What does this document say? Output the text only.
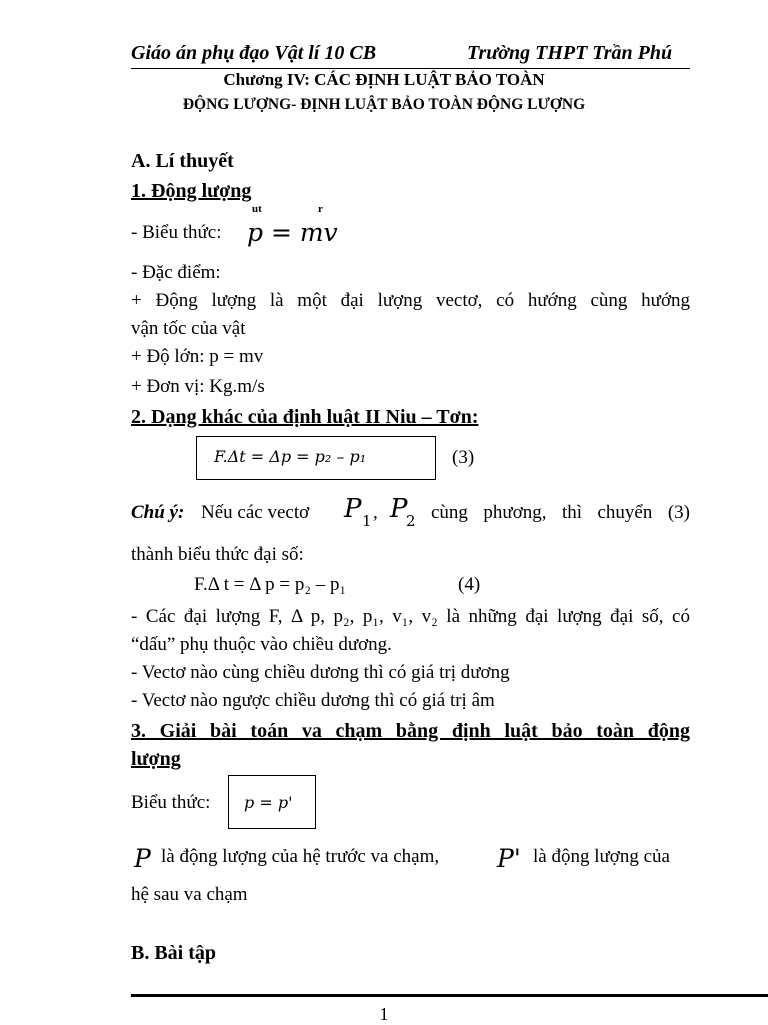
Giáo án phụ đạo Vật lí 10 CB	Trường THPT Trần Phú
Chương IV: CÁC ĐỊNH LUẬT BẢO TOÀN
ĐỘNG LƯỢNG- ĐỊNH LUẬT BẢO TOÀN ĐỘNG LƯỢNG
A. Lí thuyết
1. Động lượng
- Biểu thức: p = mv
ut	r
- Đặc điểm:
+ Động lượng là một đại lượng vectơ, có hướng cùng hướng
vận tốc của vật
+ Độ lớn: p = mv
+ Đơn vị: Kg.m/s
2. Dạng khác của định luật II Niu – Tơn:
F.Δt = Δp = p₂ – p₁	(3)
Chú ý: Nếu các vectơ P 1 , P
2 cùng phương, thì chuyển (3)
thành biểu thức đại số:
F.Δ t = Δ p = p₂ – p₁	(4)
- Các đại lượng F, Δ p, p₂, p₁, v₁, v₂ là những đại lượng đại số, có
“dấu” phụ thuộc vào chiều dương.
- Vectơ nào cùng chiều dương thì có giá trị dương
- Vectơ nào ngược chiều dương thì có giá trị âm
3. Giải bài toán va chạm bằng định luật bảo toàn động
lượng
Biểu thức: p = p'
P là động lượng của hệ trước va chạm, P' là động lượng của
hệ sau va chạm
B. Bài tập
1
